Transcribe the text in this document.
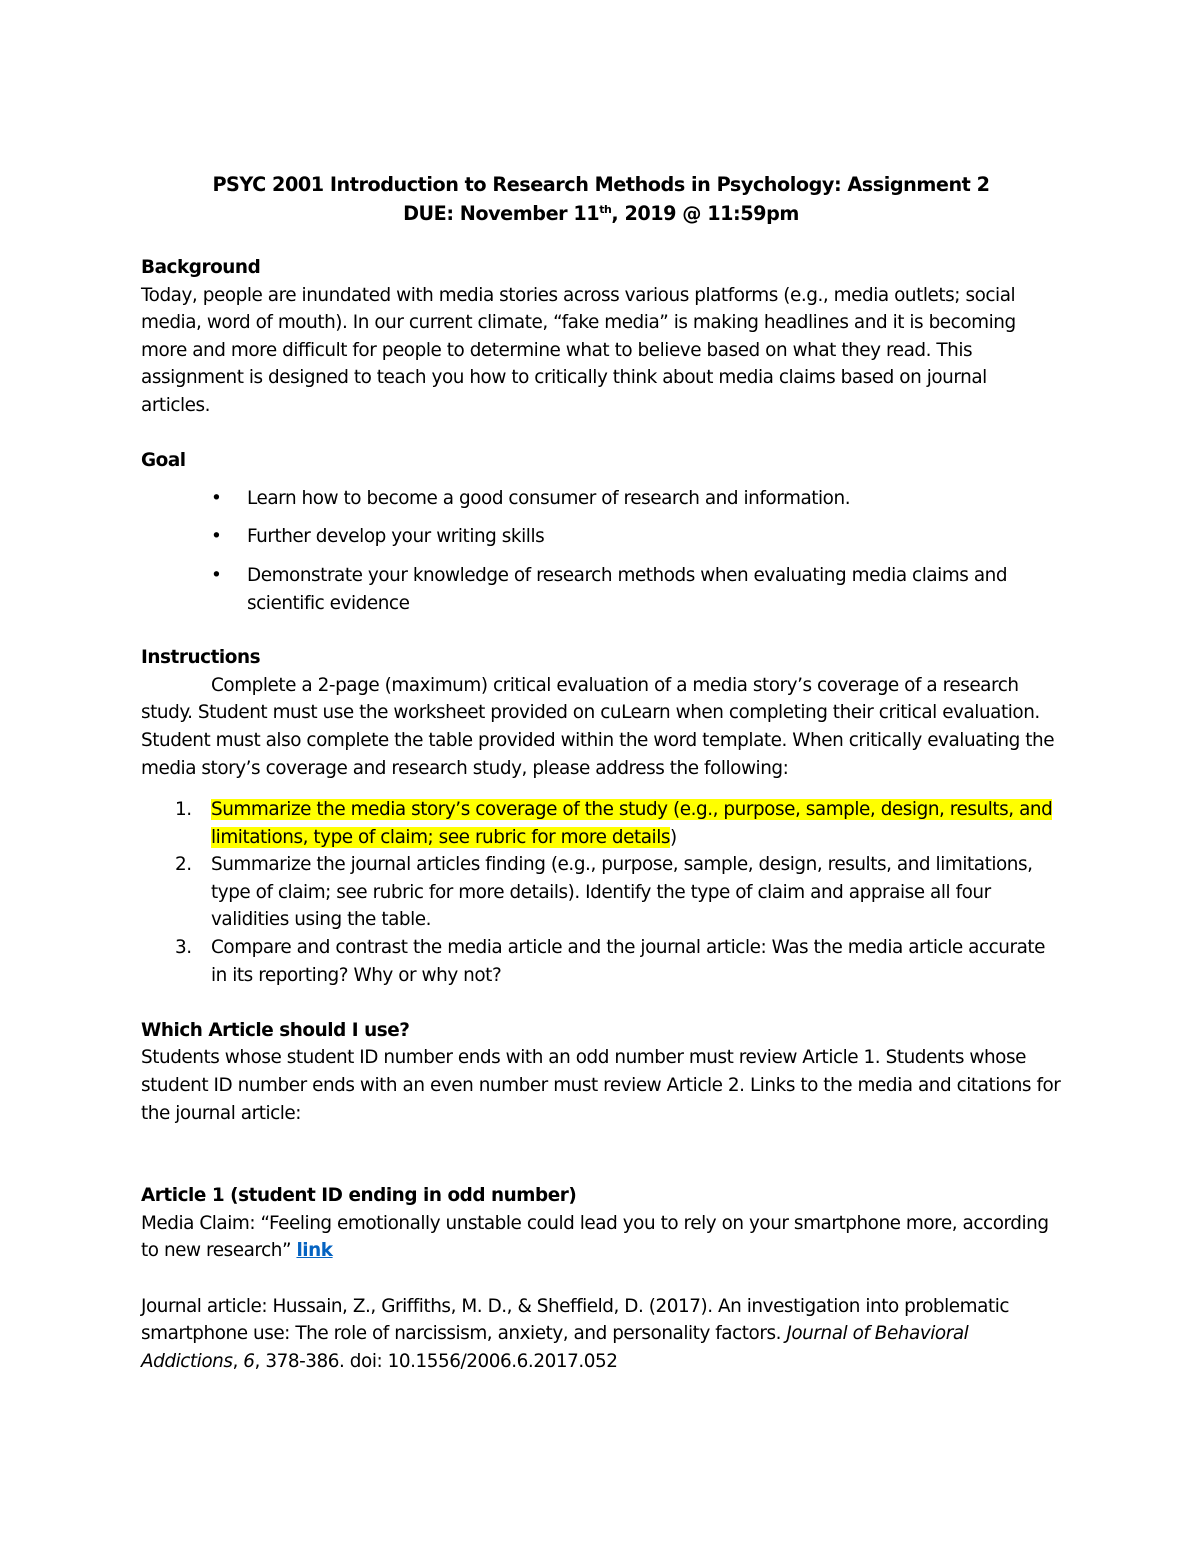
PSYC 2001 Introduction to Research Methods in Psychology: Assignment 2
DUE: November 11th, 2019 @ 11:59pm
Background

Today, people are inundated with media stories across various platforms (e.g., media outlets; social media, word of mouth). In our current climate, “fake media” is making headlines and it is becoming more and more difficult for people to determine what to believe based on what they read. This assignment is designed to teach you how to critically think about media claims based on journal articles.

Goal
• Learn how to become a good consumer of research and information.
• Further develop your writing skills
• Demonstrate your knowledge of research methods when evaluating media claims and scientific evidence
Instructions

Complete a 2-page (maximum) critical evaluation of a media story’s coverage of a research study. Student must use the worksheet provided on cuLearn when completing their critical evaluation. Student must also complete the table provided within the word template. When critically evaluating the media story’s coverage and research study, please address the following:

1. Summarize the media story’s coverage of the study (e.g., purpose, sample, design, results, and limitations, type of claim; see rubric for more details)
2. Summarize the journal articles finding (e.g., purpose, sample, design, results, and limitations, type of claim; see rubric for more details). Identify the type of claim and appraise all four validities using the table.
3. Compare and contrast the media article and the journal article: Was the media article accurate in its reporting? Why or why not?
Which Article should I use?

Students whose student ID number ends with an odd number must review Article 1. Students whose student ID number ends with an even number must review Article 2. Links to the media and citations for the journal article:

Article 1 (student ID ending in odd number)

Media Claim: “Feeling emotionally unstable could lead you to rely on your smartphone more, according to new research” link

Journal article: Hussain, Z., Griffiths, M. D., & Sheffield, D. (2017). An investigation into problematic smartphone use: The role of narcissism, anxiety, and personality factors. Journal of Behavioral Addictions, 6, 378-386. doi: 10.1556/2006.6.2017.052
